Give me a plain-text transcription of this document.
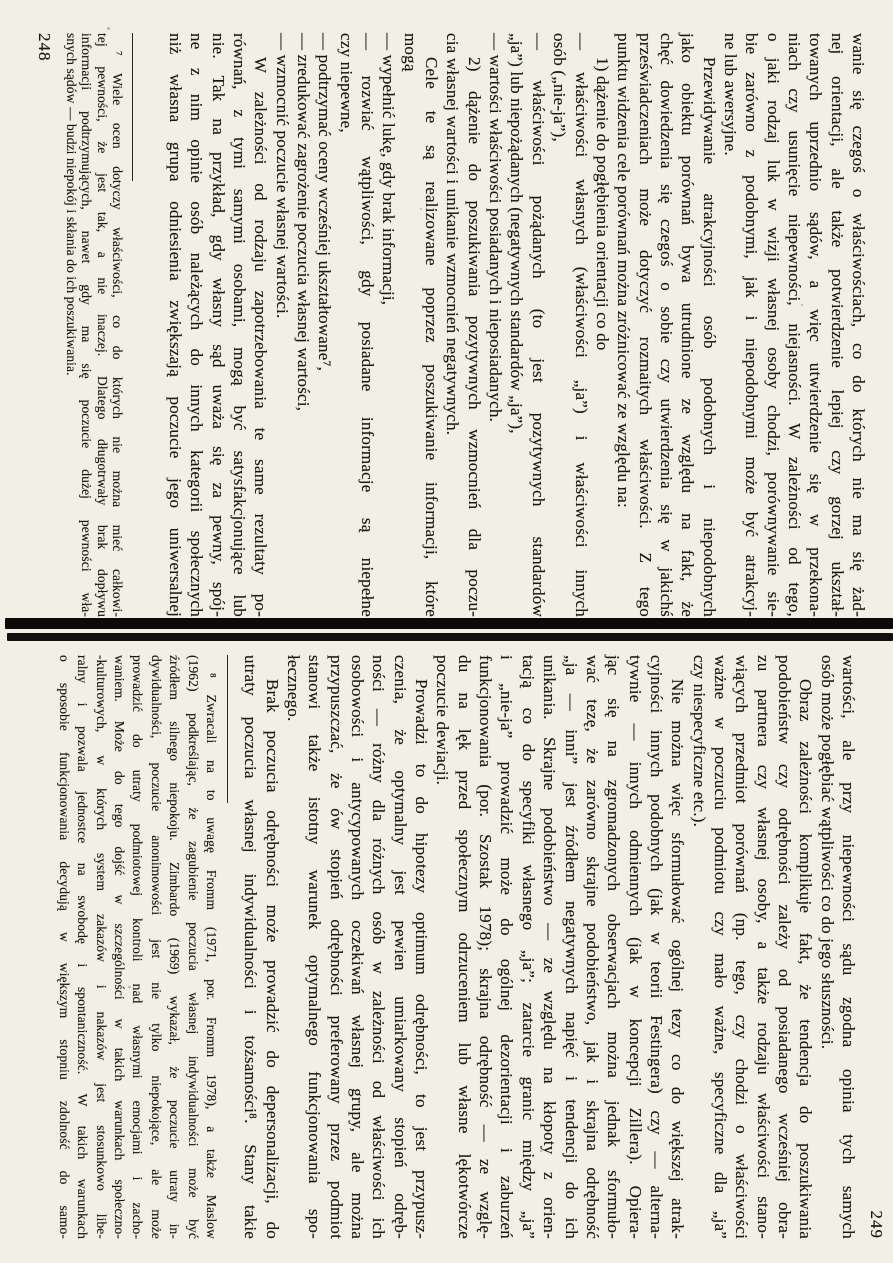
wanie się czegoś o właściwościach, co do których nie ma się żad-
nej orientacji, ale także potwierdzenie lepiej czy gorzej ukształ-
towanych uprzednio sądów, a więc utwierdzenie się w przekona-
niach czy usunięcie niepewności, niejasności. W zależności od tego,
o jaki rodzaj luk w wizji własnej osoby chodzi, porównywanie sie-
bie zarówno z podobnymi, jak i niepodobnymi może być atrakcyj-
ne lub awersyjne.
Przewidywanie atrakcyjności osób podobnych i niepodobnych
jako obiektu porównań bywa utrudnione ze względu na fakt, że
chęć dowiedzenia się czegoś o sobie czy utwierdzenia się w jakichś
przeświadczeniach może dotyczyć rozmaitych właściwości. Z tego
punktu widzenia cele porównań można zróżnicować ze względu na:
1) dążenie do pogłębienia orientacji co do
— właściwości własnych (właściwości „ja”) i właściwości innych
osób („nie-ja”),
— właściwości pożądanych (to jest pozytywnych standardów
„ja”) lub niepożądanych (negatywnych standardów „ja”),
— wartości właściwości posiadanych i nieposiadanych.
2) dążenie do poszukiwania pozytywnych wzmocnień dla poczu-
cia własnej wartości i unikanie wzmocnień negatywnych.
Cele te są realizowane poprzez poszukiwanie informacji, które
mogą
— wypełnić lukę, gdy brak informacji,
— rozwiać wątpliwości, gdy posiadane informacje są niepełne
czy niepewne,
— podtrzymać oceny wcześniej ukształtowane⁷,
— zredukować zagrożenie poczucia własnej wartości,
— wzmocnić poczucie własnej wartości.
W zależności od rodzaju zapotrzebowania te same rezultaty po-
równań, z tymi samymi osobami, mogą być satysfakcjonujące lub
nie. Tak na przykład, gdy własny sąd uważa się za pewny, spój-
ne z nim opinie osób należących do innych kategorii społecznych
niż własna grupa odniesienia zwiększają poczucie jego uniwersalnej
⁷ Wiele ocen dotyczy właściwości, co do których nie można mieć całkowi-
tej pewności, że jest tak, a nie inaczej. Dlatego długotrwały brak dopływu
informacji podtrzymujących, nawet gdy ma się poczucie dużej pewności wła-
snych sądów — budzi niepokój i skłania do ich poszukiwania.
248
249
wartości, ale przy niepewności sądu zgodna opinia tych samych
osób może pogłębiać wątpliwości co do jego słuszności.
Obraz zależności komplikuje fakt, że tendencja do poszukiwania
podobieństw czy odrębności zależy od posiadanego wcześniej obra-
zu partnera czy własnej osoby, a także rodzaju właściwości stano-
wiących przedmiot porównań (np. tego, czy chodzi o właściwości
ważne w poczuciu podmiotu czy mało ważne, specyficzne dla „ja”
czy niespecyficzne etc.).
Nie można więc sformułować ogólnej tezy co do większej atrak-
cyjności innych podobnych (jak w teorii Festingera) czy — alterna-
tywnie — innych odmiennych (jak w koncepcji Zillera). Opiera-
jąc się na zgromadzonych obserwacjach można jednak sformuło-
wać tezę, że zarówno skrajne podobieństwo, jak i skrajna odrębność
„ja — inni” jest źródłem negatywnych napięć i tendencji do ich
unikania. Skrajne podobieństwo — ze względu na kłopoty z orien-
tacją co do specyfiki własnego „ja”; zatarcie granic między „ja”
i „nie-ja” prowadzić może do ogólnej dezorientacji i zaburzeń
funkcjonowania (por. Szostak 1978); skrajna odrębność — ze wzglę-
du na lęk przed społecznym odrzuceniem lub własne lękotwórcze
poczucie dewiacji.
Prowadzi to do hipotezy optimum odrębności, to jest przypusz-
czenia, że optymalny jest pewien umiarkowany stopień odręb-
ności — różny dla różnych osób w zależności od właściwości ich
osobowości i antycypowanych oczekiwań własnej grupy, ale można
przypuszczać, że ów stopień odrębności preferowany przez podmiot
stanowi także istotny warunek optymalnego funkcjonowania spo-
łecznego.
Brak poczucia odrębności może prowadzić do depersonalizacji, do
utraty poczucia własnej indywidualności i tożsamości⁸. Stany takie
⁸ Zwracali na to uwagę Fromm (1971, por. Fromm 1978), a także Maslow
(1962) podkreślając, że zagubienie poczucia własnej indywidualności może być
źródłem silnego niepokoju. Zimbardo (1969) wykazał, że poczucie utraty in-
dywidualności, poczucie anonimowości jest nie tylko niepokojące, ale może
prowadzić do utraty podmiotowej kontroli nad własnymi emocjami i zacho-
waniem. Może do tego dojść w szczególności w takich warunkach społeczno-
-kulturowych, w których system zakazów i nakazów jest stosunkowo libe-
ralny i pozwala jednostce na swobodę i spontaniczność. W takich warunkach
o sposobie funkcjonowania decydują w większym stopniu zdolność do samo-
